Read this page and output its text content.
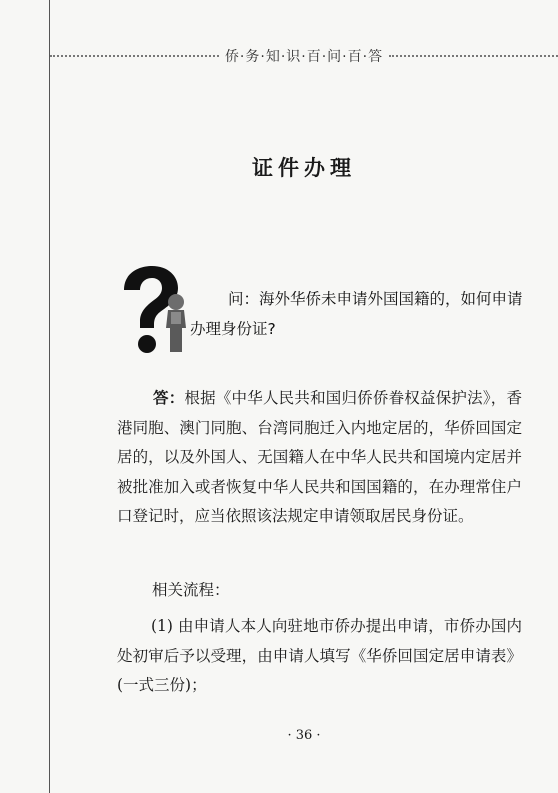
侨·务·知·识·百·问·百·答
证件办理

问：海外华侨未申请外国国籍的，如何申请办理身份证?

答：根据《中华人民共和国归侨侨眷权益保护法》，香港同胞、澳门同胞、台湾同胞迁入内地定居的，华侨回国定居的，以及外国人、无国籍人在中华人民共和国境内定居并被批准加入或者恢复中华人民共和国国籍的，在办理常住户口登记时，应当依照该法规定申请领取居民身份证。

相关流程：

(1) 由申请人本人向驻地市侨办提出申请，市侨办国内处初审后予以受理，由申请人填写《华侨回国定居申请表》(一式三份)；

· 36 ·
